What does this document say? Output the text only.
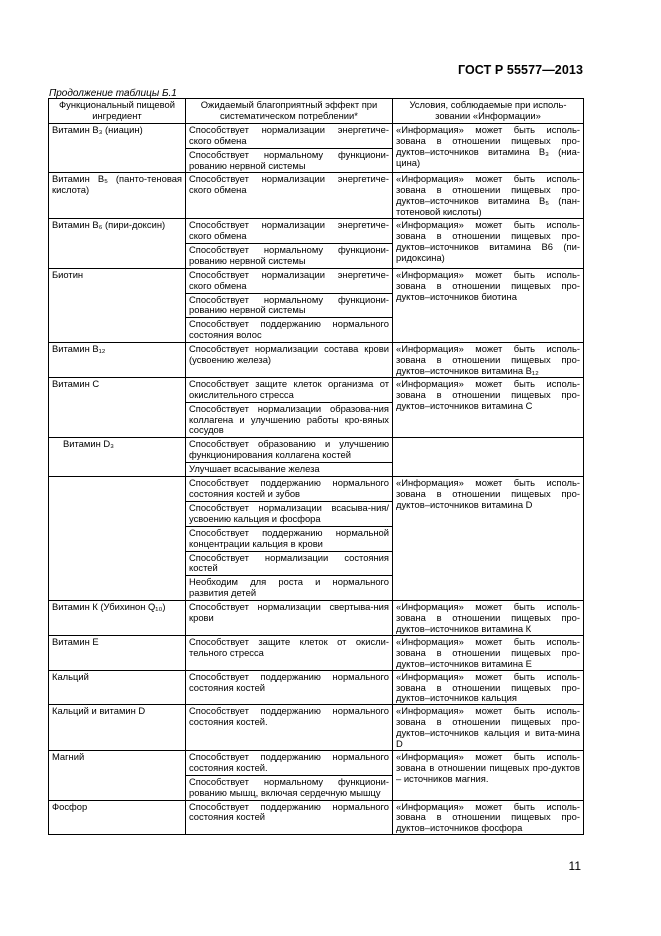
ГОСТ Р 55577—2013
Продолжение таблицы Б.1
Функциональный пищевой ингредиент	Ожидаемый благоприятный эффект при систематическом потреблении*	Условия, соблюдаемые при исполь-зовании «Информации»
Витамин В₃ (ниацин)	Способствует нормализации энергетиче-ского обмена
Способствует нормальному функциони-рованию нервной системы	«Информация» может быть исполь-зована в отношении пищевых про-дуктов–источников витамина В₃ (ниа-цина)
Витамин В₅ (панто-теновая кислота)	Способствует нормализации энергетиче-ского обмена	«Информация» может быть исполь-зована в отношении пищевых про-дуктов–источников витамина В₅ (пан-тотеновой кислоты)
Витамин В₆ (пири-доксин)	Способствует нормализации энергетиче-ского обмена
Способствует нормальному функциони-рованию нервной системы	«Информация» может быть исполь-зована в отношении пищевых про-дуктов–источников витамина В6 (пи-ридоксина)
Биотин	Способствует нормализации энергетиче-ского обмена
Способствует нормальному функциони-рованию нервной системы
Способствует поддержанию нормального состояния волос	«Информация» может быть исполь-зована в отношении пищевых про-дуктов–источников биотина
Витамин В₁₂	Способствует нормализации состава крови (усвоению железа)	«Информация» может быть исполь-зована в отношении пищевых про-дуктов–источников витамина В₁₂
Витамин С	Способствует защите клеток организма от окислительного стресса
Способствует нормализации образова-ния коллагена и улучшению работы кро-вяных сосудов	«Информация» может быть исполь-зована в отношении пищевых про-дуктов–источников витамина С
Витамин D₃	Способствует образованию и улучшению функционирования коллагена костей
Улучшает всасывание железа	

	Способствует поддержанию нормального состояния костей и зубов
Способствует нормализации всасыва-ния/усвоению кальция и фосфора
Способствует поддержанию нормальной концентрации кальция в крови
Способствует нормализации состояния костей
Необходим для роста и нормального развития детей	«Информация» может быть исполь-зована в отношении пищевых про-дуктов–источников витамина D
Витамин К (Убихинон Q₁₀)	Способствует нормализации свертыва-ния крови	«Информация» может быть исполь-зована в отношении пищевых про-дуктов–источников витамина К
Витамин Е	Способствует защите клеток от окисли-тельного стресса	«Информация» может быть исполь-зована в отношении пищевых про-дуктов–источников витамина Е
Кальций	Способствует поддержанию нормального состояния костей	«Информация» может быть исполь-зована в отношении пищевых про-дуктов–источников кальция
Кальций и витамин D	Способствует поддержанию нормального состояния костей.	«Информация» может быть исполь-зована в отношении пищевых про-дуктов–источников кальция и вита-мина D
Магний	Способствует поддержанию нормального состояния костей.
Способствует нормальному функциони-рованию мышц, включая сердечную мышцу	«Информация» может быть исполь-зована в отношении пищевых про-дуктов – источников магния.
Фосфор	Способствует поддержанию нормального состояния костей	«Информация» может быть исполь-зована в отношении пищевых про-дуктов–источников фосфора
11
